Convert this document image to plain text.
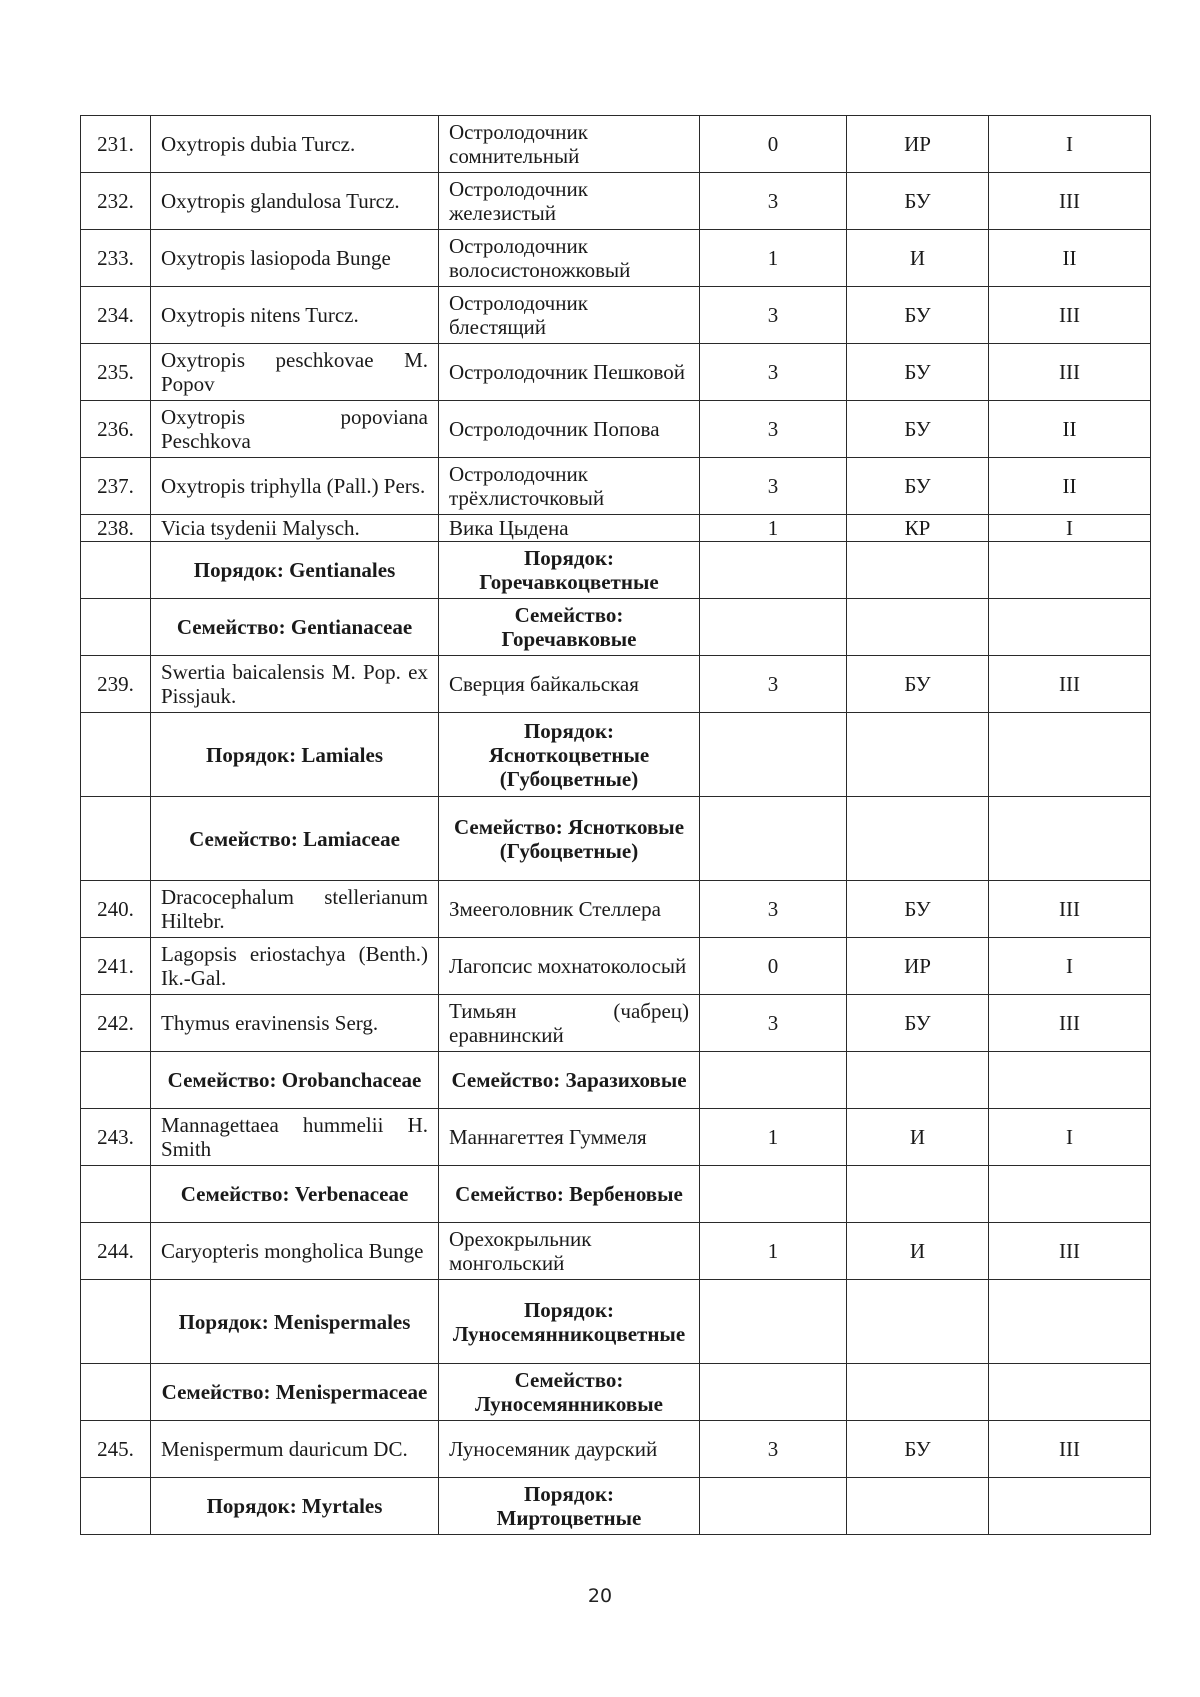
231.	Oxytropis dubia Turcz.	Остролодочник сомнительный	0	ИР	I
232.	Oxytropis glandulosa Turcz.	Остролодочник железистый	3	БУ	III
233.	Oxytropis lasiopoda Bunge	Остролодочник волосистоножковый	1	И	II
234.	Oxytropis nitens Turcz.	Остролодочник блестящий	3	БУ	III
235.	Oxytropis peschkovae M. Popov	Остролодочник Пешковой	3	БУ	III
236.	Oxytropis popoviana Peschkova	Остролодочник Попова	3	БУ	II
237.	Oxytropis triphylla (Pall.) Pers.	Остролодочник трёхлисточковый	3	БУ	II
238.	Vicia tsydenii Malysch.	Вика Цыдена	1	КР	I
	Порядок: Gentianales	Порядок: Горечавкоцветные			
	Семейство: Gentianaceae	Семейство: Горечавковые			
239.	Swertia baicalensis M. Pop. ex Pissjauk.	Сверция байкальская	3	БУ	III
	Порядок: Lamiales	Порядок: Ясноткоцветные (Губоцветные)			
	Семейство: Lamiaceae	Семейство: Яснотковые (Губоцветные)			
240.	Dracocephalum stellerianum Hiltebr.	Змееголовник Стеллера	3	БУ	III
241.	Lagopsis eriostachya (Benth.) Ik.-Gal.	Лагопсис мохнатоколосый	0	ИР	I
242.	Thymus eravinensis Serg.	Тимьян (чабрец) еравнинский	3	БУ	III
	Семейство: Orobanchaceae	Семейство: Заразиховые			
243.	Mannagettaea hummelii H. Smith	Маннагеттея Гуммеля	1	И	I
	Семейство: Verbenaceae	Семейство: Вербеновые			
244.	Caryopteris mongholica Bunge	Орехокрыльник монгольский	1	И	III
	Порядок: Menispermales	Порядок: Луносемянникоцветные			
	Семейство: Menispermaceae	Семейство: Луносемянниковые			
245.	Menispermum dauricum DC.	Луносемяник даурский	3	БУ	III
	Порядок: Myrtales	Порядок: Миртоцветные			
20
